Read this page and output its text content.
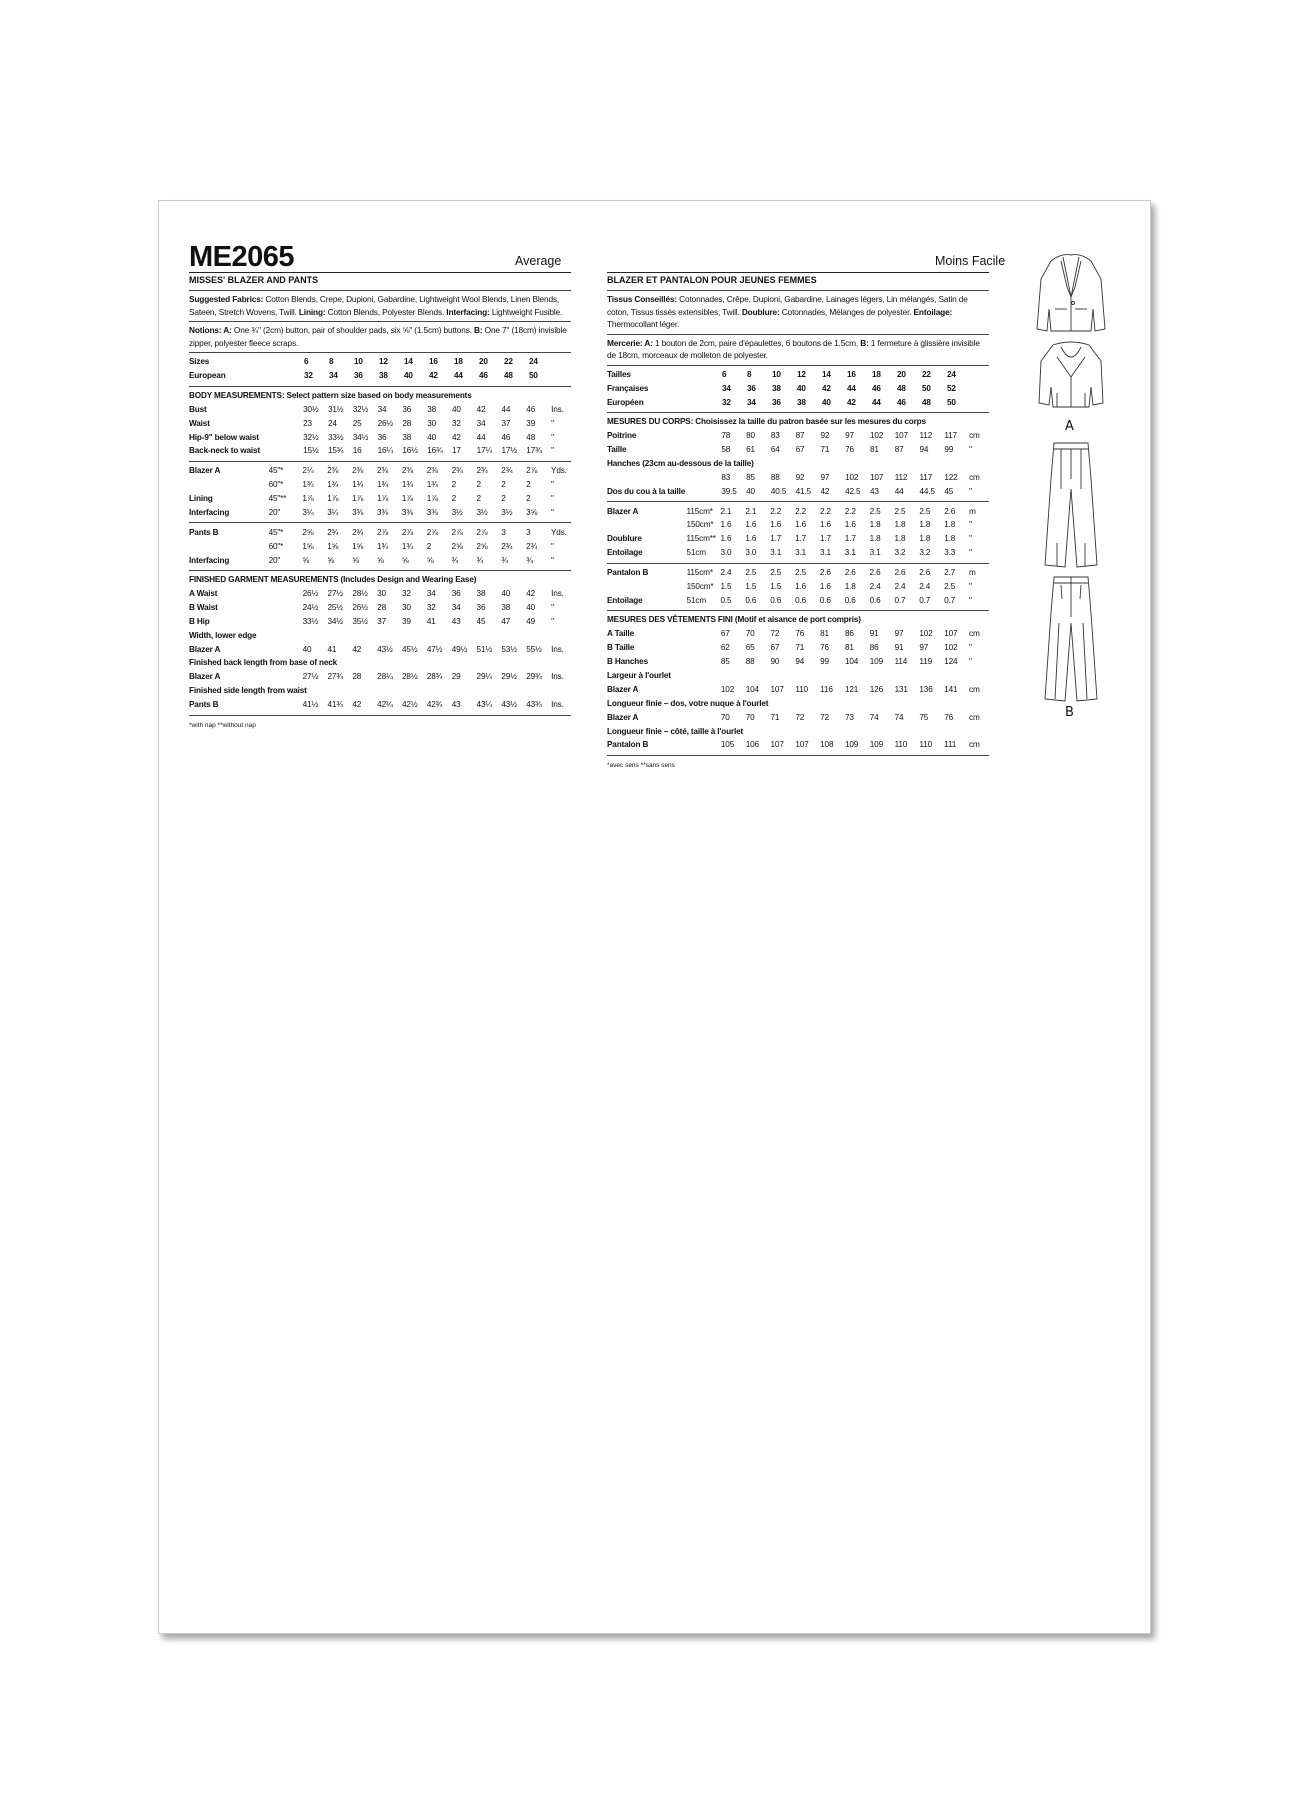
ME2065	Average	Moins Facile
MISSES' BLAZER AND PANTS
Suggested Fabrics: Cotton Blends, Crepe, Dupioni, Gabardine, Lightweight Wool Blends, Linen Blends, Sateen, Stretch Wovens, Twill. Lining: Cotton Blends, Polyester Blends. Interfacing: Lightweight Fusible.
Notions: A: One ¾" (2cm) button, pair of shoulder pads, six ⅝" (1.5cm) buttons. B: One 7" (18cm) invisible zipper, polyester fleece scraps.
Sizes	6	8	10	12	14	16	18	20	22	24
European	32	34	36	38	40	42	44	46	48	50
BODY MEASUREMENTS: Select pattern size based on body measurements
Bust	30½	31½	32½	34	36	38	40	42	44	46	Ins.
Waist	23	24	25	26½	28	30	32	34	37	39	"
Hip-9" below waist	32½	33½	34½	36	38	40	42	44	46	48	"
Back-neck to waist	15½	15¾	16	16¼	16½	16¾	17	17¼	17½	17¾	"
Blazer A	45"*	2¼	2⅜	2⅜	2⅜	2⅜	2⅜	2¾	2¾	2¾	2⅞	Yds.
	60"*	1¾	1¾	1¾	1¾	1¾	1¾	2	2	2	2	"
Lining	45"**	1⅞	1⅞	1⅞	1⅞	1⅞	1⅞	2	2	2	2	"
Interfacing	20"	3¼	3¼	3⅜	3⅜	3⅜	3⅜	3½	3½	3½	3⅝	"
Pants B	45"*	2⅝	2¾	2¾	2⅞	2⅞	2⅞	2⅞	2⅞	3	3	Yds.
	60"*	1⅝	1⅝	1⅝	1¾	1¾	2	2⅝	2⅝	2¾	2¾	"
Interfacing	20"	⅝	⅝	⅝	⅝	⅝	⅝	¾	¾	¾	¾	"
FINISHED GARMENT MEASUREMENTS (Includes Design and Wearing Ease)
A Waist	26½	27½	28½	30	32	34	36	38	40	42	Ins.
B Waist	24½	25½	26½	28	30	32	34	36	38	40	"
B Hip	33½	34½	35½	37	39	41	43	45	47	49	"
Width, lower edge											
Blazer A	40	41	42	43½	45½	47½	49½	51½	53½	55½	Ins.
Finished back length from base of neck											
Blazer A	27½	27¾	28	28¼	28½	28¾	29	29¼	29½	29¾	Ins.
Finished side length from waist											
Pants B	41½	41¾	42	42¼	42½	42¾	43	43¼	43½	43¾	Ins.
*with nap **without nap
BLAZER ET PANTALON POUR JEUNES FEMMES
Tissus Conseillés: Cotonnades, Crêpe, Dupioni, Gabardine, Lainages légers, Lin mélangés, Satin de coton, Tissus tissés extensibles, Twill. Doublure: Cotonnades, Mélanges de polyester. Entoilage: Thermocollant léger.
Mercerie: A: 1 bouton de 2cm, paire d'épaulettes, 6 boutons de 1.5cm. B: 1 fermeture à glissière invisible de 18cm, morceaux de molleton de polyester.
Tailles	6	8	10	12	14	16	18	20	22	24
Françaises	34	36	38	40	42	44	46	48	50	52
Européen	32	34	36	38	40	42	44	46	48	50
MESURES DU CORPS: Choisissez la taille du patron basée sur les mesures du corps
Poitrine	78	80	83	87	92	97	102	107	112	117	cm
Taille	58	61	64	67	71	76	81	87	94	99	"
Hanches (23cm au-dessous de la taille)											
	83	85	88	92	97	102	107	112	117	122	cm
Dos du cou à la taille	39.5	40	40.5	41.5	42	42.5	43	44	44.5	45	"
Blazer A	115cm*	2.1	2.1	2.2	2.2	2.2	2.2	2.5	2.5	2.5	2.6	m
	150cm*	1.6	1.6	1.6	1.6	1.6	1.6	1.8	1.8	1.8	1.8	"
Doublure	115cm**	1.6	1.6	1.7	1.7	1.7	1.7	1.8	1.8	1.8	1.8	"
Entoilage	51cm	3.0	3.0	3.1	3.1	3.1	3.1	3.1	3.2	3.2	3.3	"
Pantalon B	115cm*	2.4	2.5	2.5	2.5	2.6	2.6	2.6	2.6	2.6	2.7	m
	150cm*	1.5	1.5	1.5	1.6	1.6	1.8	2.4	2.4	2.4	2.5	"
Entoilage	51cm	0.5	0.6	0.6	0.6	0.6	0.6	0.6	0.7	0.7	0.7	"
MESURES DES VÊTEMENTS FINI (Motif et aisance de port compris)
A Taille	67	70	72	76	81	86	91	97	102	107	cm
B Taille	62	65	67	71	76	81	86	91	97	102	"
B Hanches	85	88	90	94	99	104	109	114	119	124	"
Largeur à l'ourlet											
Blazer A	102	104	107	110	116	121	126	131	136	141	cm
Longueur finie – dos, votre nuque à l'ourlet											
Blazer A	70	70	71	72	72	73	74	74	75	76	cm
Longueur finie – côté, taille à l'ourlet											
Pantalon B	105	106	107	107	108	109	109	110	110	111	cm
*avec sens **sans sens
A
B
